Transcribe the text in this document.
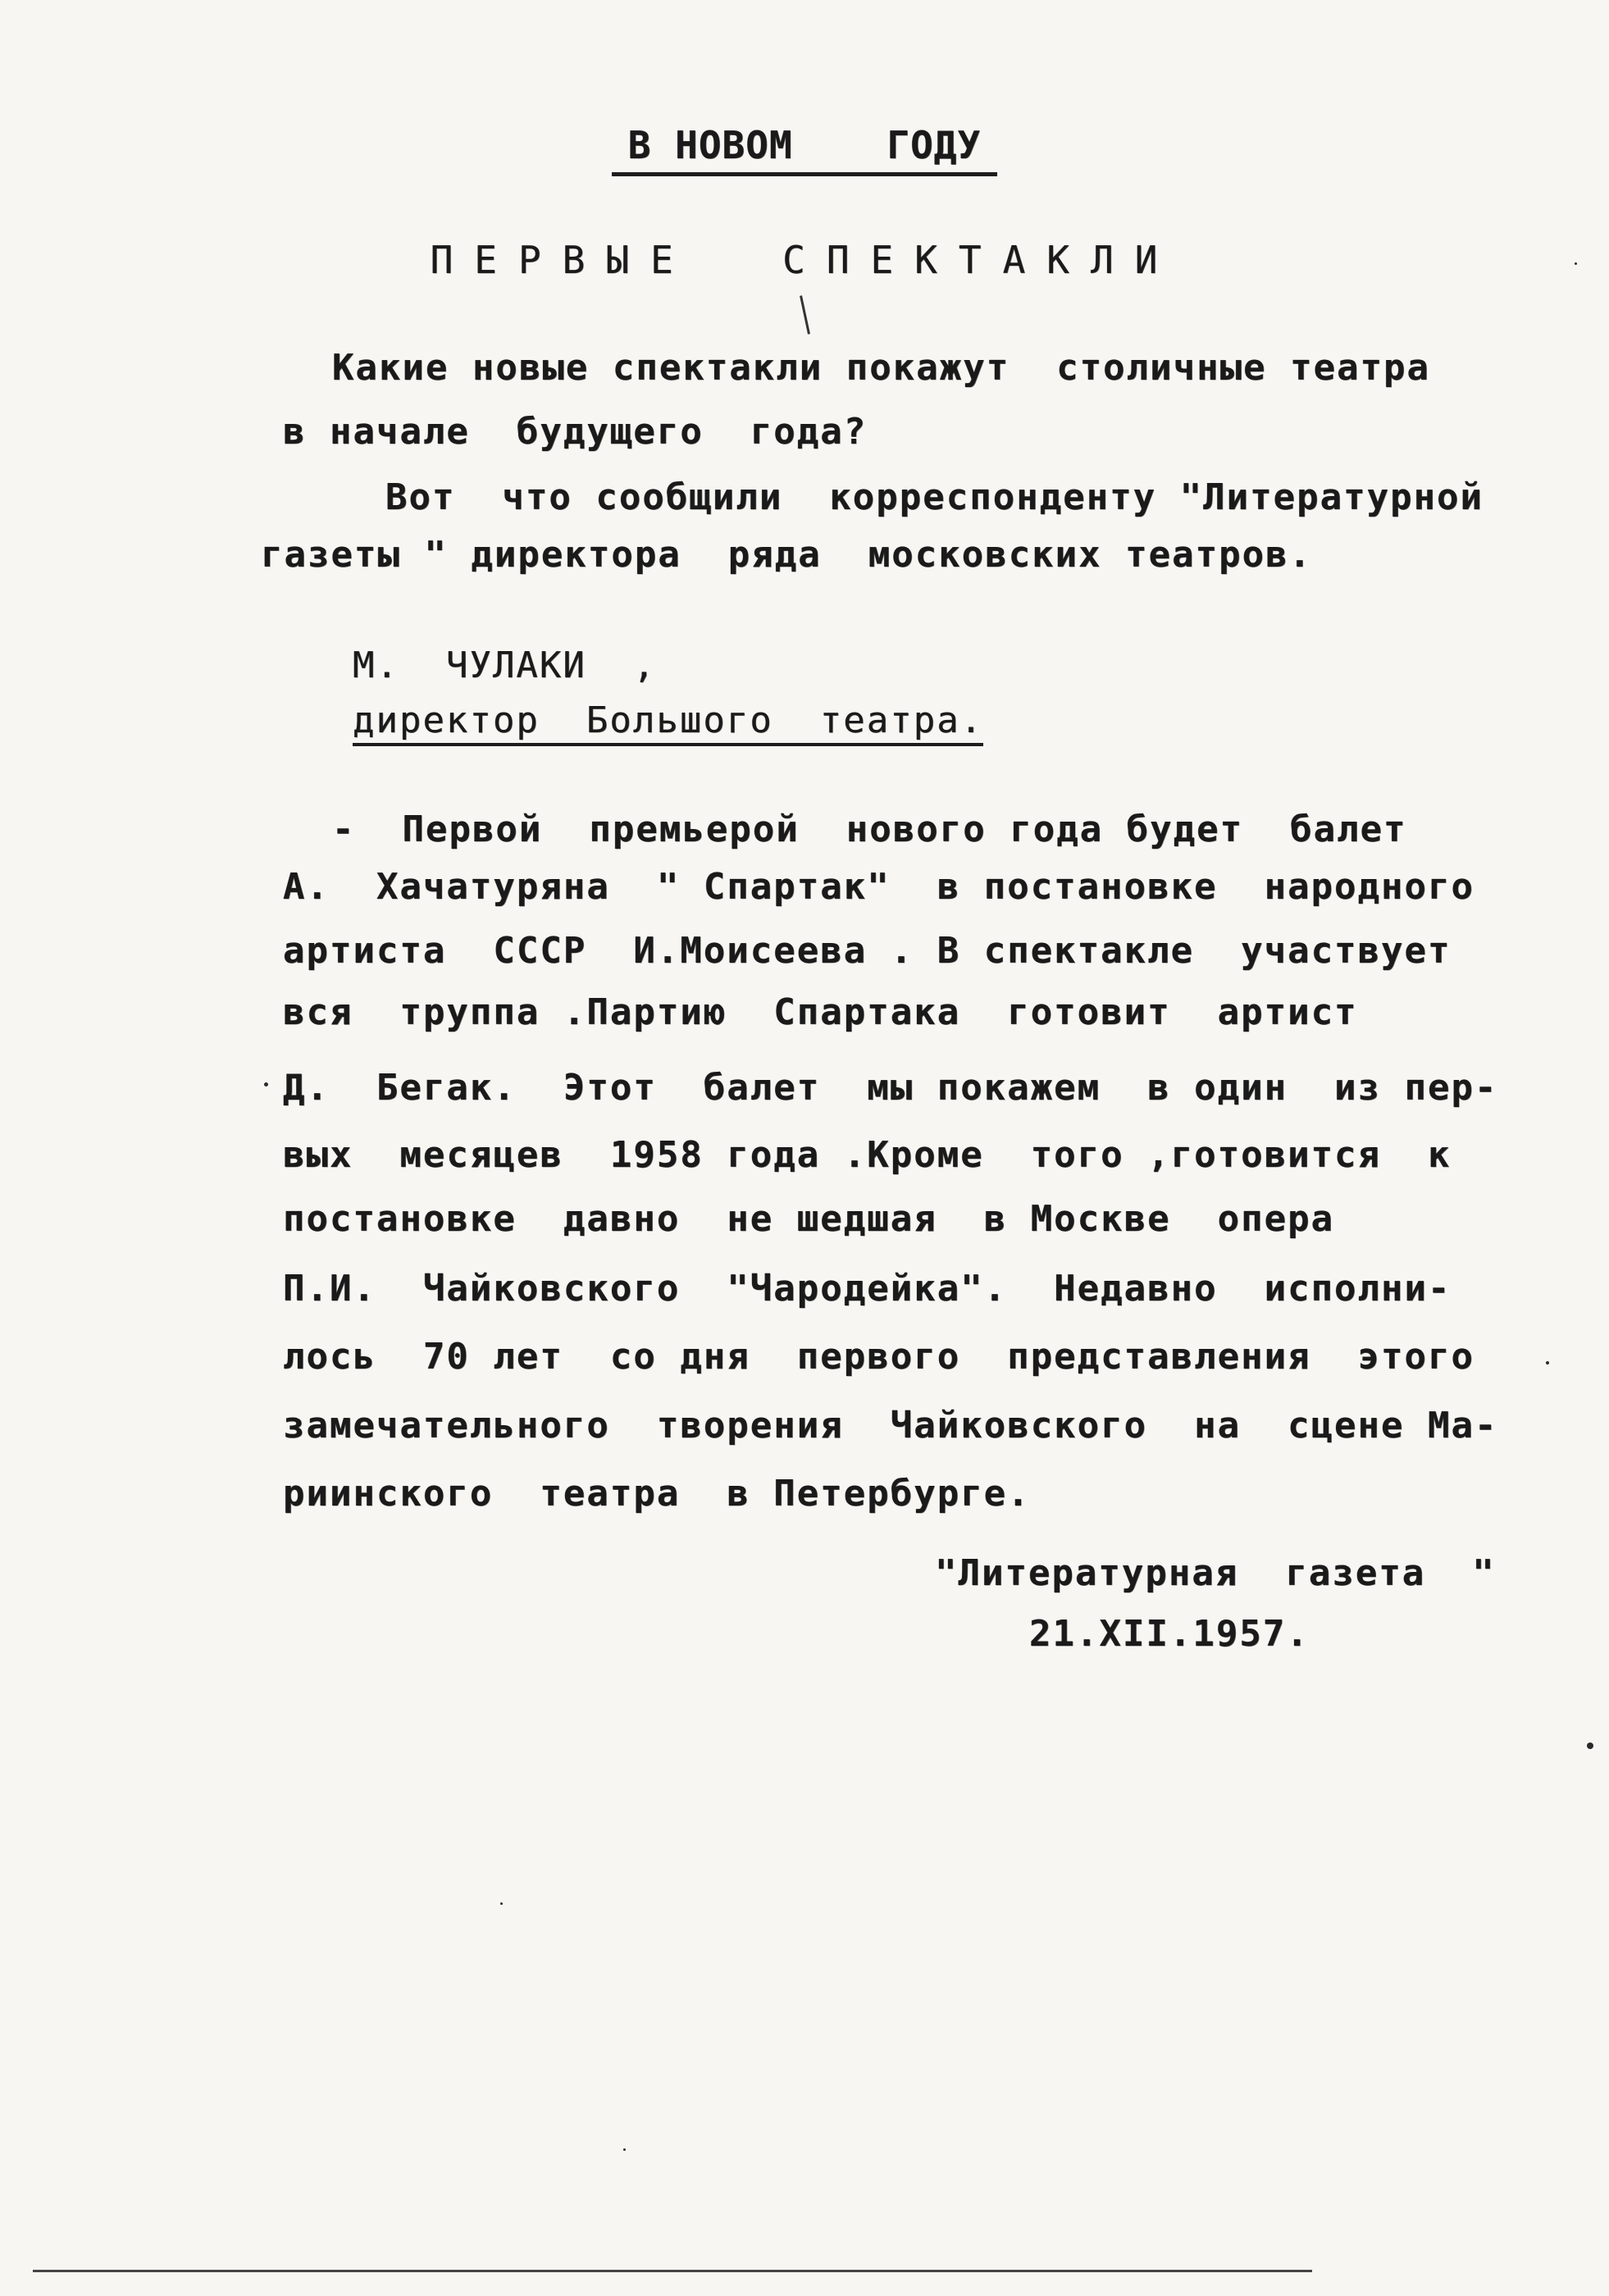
В НОВОМ    ГОДУ
ПЕРВЫЕ  СПЕКТАКЛИ
Какие новые спектакли покажут  столичные театра
в начале  будущего  года?
Вот  что сообщили  корреспонденту "Литературной
газеты " директора  ряда  московских театров.
М.  ЧУЛАКИ  ,
директор  Большого  театра.
-  Первой  премьерой  нового года будет  балет
А.  Хачатуряна  " Спартак"  в постановке  народного
артиста  СССР  И.Моисеева . В спектакле  участвует
вся  труппа .Партию  Спартака  готовит  артист
Д.  Бегак.  Этот  балет  мы покажем  в один  из пер-
вых  месяцев  1958 года .Кроме  того ,готовится  к
постановке  давно  не шедшая  в Москве  опера
П.И.  Чайковского  "Чародейка".  Недавно  исполни-
лось  70 лет  со дня  первого  представления  этого
замечательного  творения  Чайковского  на  сцене Ма-
риинского  театра  в Петербурге.
"Литературная  газета  "
21.XII.1957.
